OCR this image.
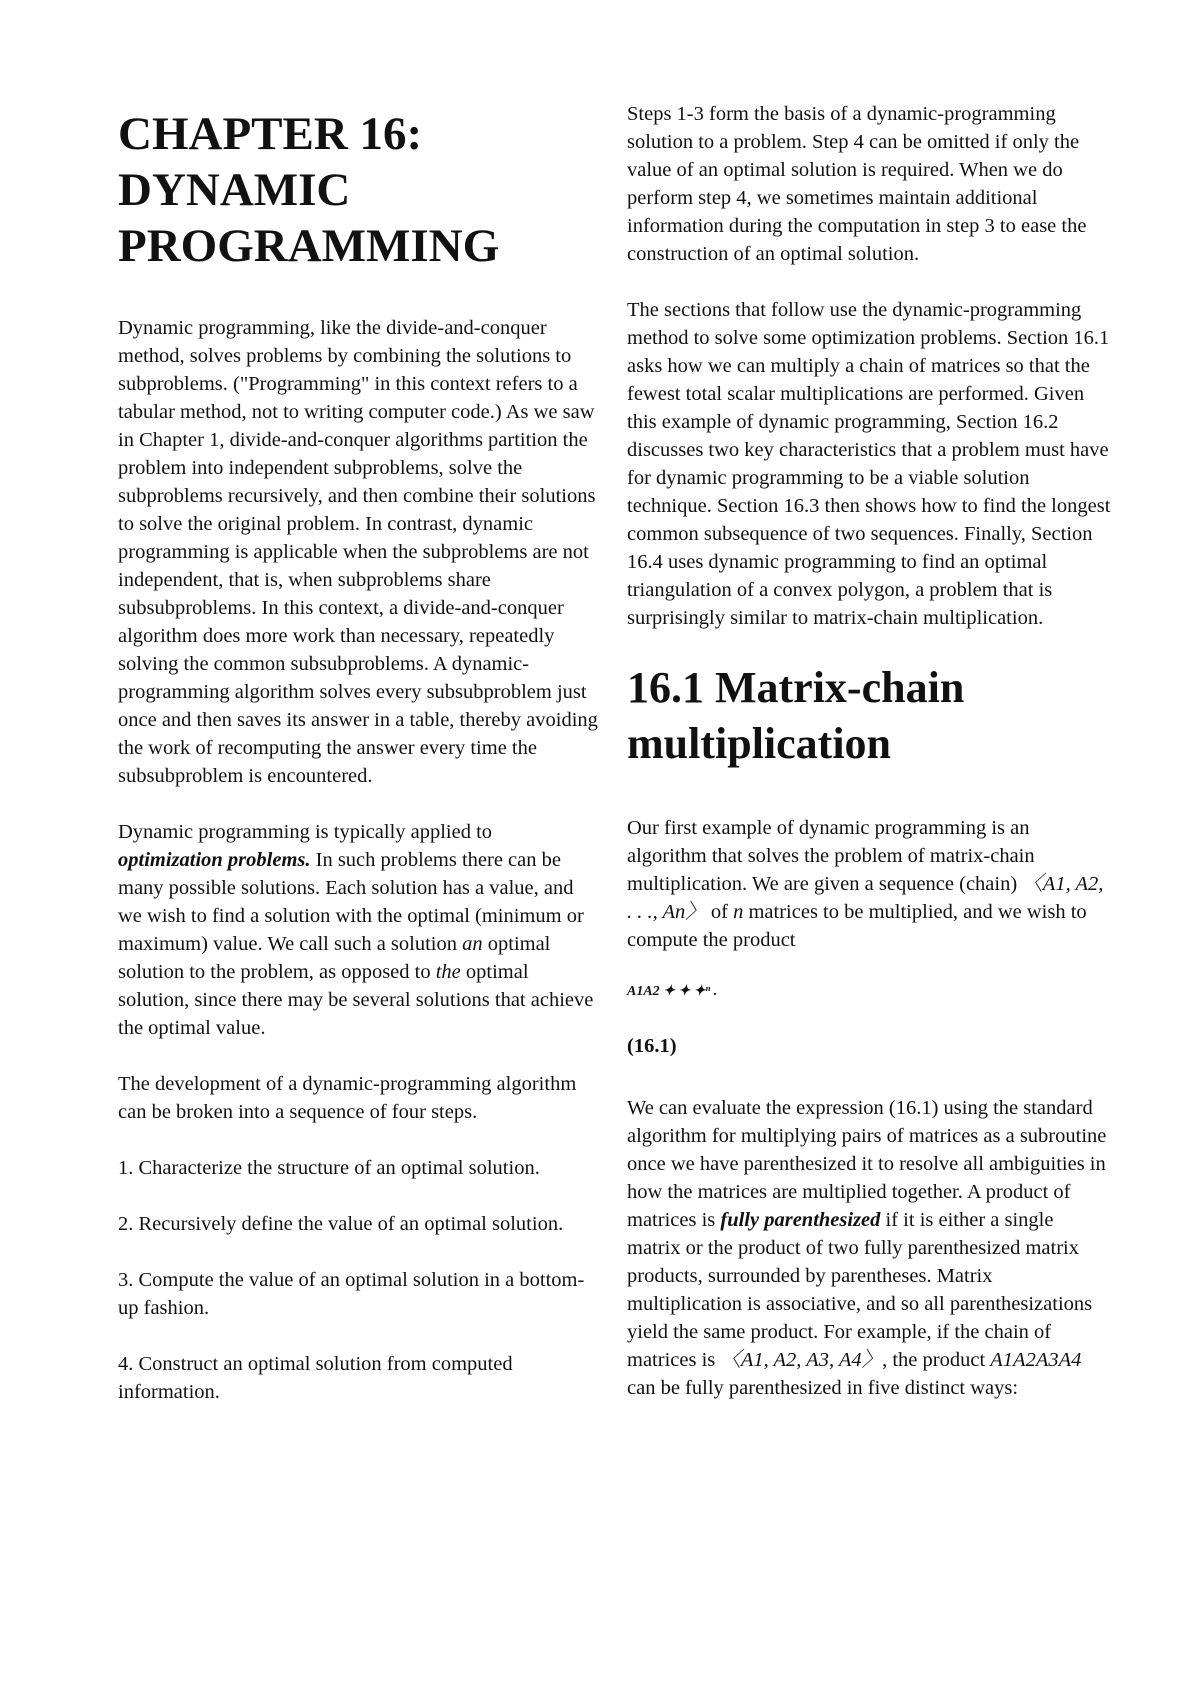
CHAPTER 16:
DYNAMIC
PROGRAMMING

Dynamic programming, like the divide-and-conquer method, solves problems by combining the solutions to subproblems. ("Programming" in this context refers to a tabular method, not to writing computer code.) As we saw in Chapter 1, divide-and-conquer algorithms partition the problem into independent subproblems, solve the subproblems recursively, and then combine their solutions to solve the original problem. In contrast, dynamic programming is applicable when the subproblems are not independent, that is, when subproblems share subsubproblems. In this context, a divide-and-conquer algorithm does more work than necessary, repeatedly solving the common subsubproblems. A dynamic-programming algorithm solves every subsubproblem just once and then saves its answer in a table, thereby avoiding the work of recomputing the answer every time the subsubproblem is encountered.

Dynamic programming is typically applied to optimization problems. In such problems there can be many possible solutions. Each solution has a value, and we wish to find a solution with the optimal (minimum or maximum) value. We call such a solution an optimal solution to the problem, as opposed to the optimal solution, since there may be several solutions that achieve the optimal value.

The development of a dynamic-programming algorithm can be broken into a sequence of four steps.

1. Characterize the structure of an optimal solution.

2. Recursively define the value of an optimal solution.

3. Compute the value of an optimal solution in a bottom-up fashion.

4. Construct an optimal solution from computed information.

Steps 1-3 form the basis of a dynamic-programming solution to a problem. Step 4 can be omitted if only the value of an optimal solution is required. When we do perform step 4, we sometimes maintain additional information during the computation in step 3 to ease the construction of an optimal solution.

The sections that follow use the dynamic-programming method to solve some optimization problems. Section 16.1 asks how we can multiply a chain of matrices so that the fewest total scalar multiplications are performed. Given this example of dynamic programming, Section 16.2 discusses two key characteristics that a problem must have for dynamic programming to be a viable solution technique. Section 16.3 then shows how to find the longest common subsequence of two sequences. Finally, Section 16.4 uses dynamic programming to find an optimal triangulation of a convex polygon, a problem that is surprisingly similar to matrix-chain multiplication.

16.1 Matrix-chain
multiplication

Our first example of dynamic programming is an algorithm that solves the problem of matrix-chain multiplication. We are given a sequence (chain) 〈A1, A2, . . ., An〉 of n matrices to be multiplied, and we wish to compute the product

A1A2 ✦ ✦ ✦ⁿ .
(16.1)

We can evaluate the expression (16.1) using the standard algorithm for multiplying pairs of matrices as a subroutine once we have parenthesized it to resolve all ambiguities in how the matrices are multiplied together. A product of matrices is fully parenthesized if it is either a single matrix or the product of two fully parenthesized matrix products, surrounded by parentheses. Matrix multiplication is associative, and so all parenthesizations yield the same product. For example, if the chain of matrices is 〈A1, A2, A3, A4〉, the product A1A2A3A4 can be fully parenthesized in five distinct ways:
